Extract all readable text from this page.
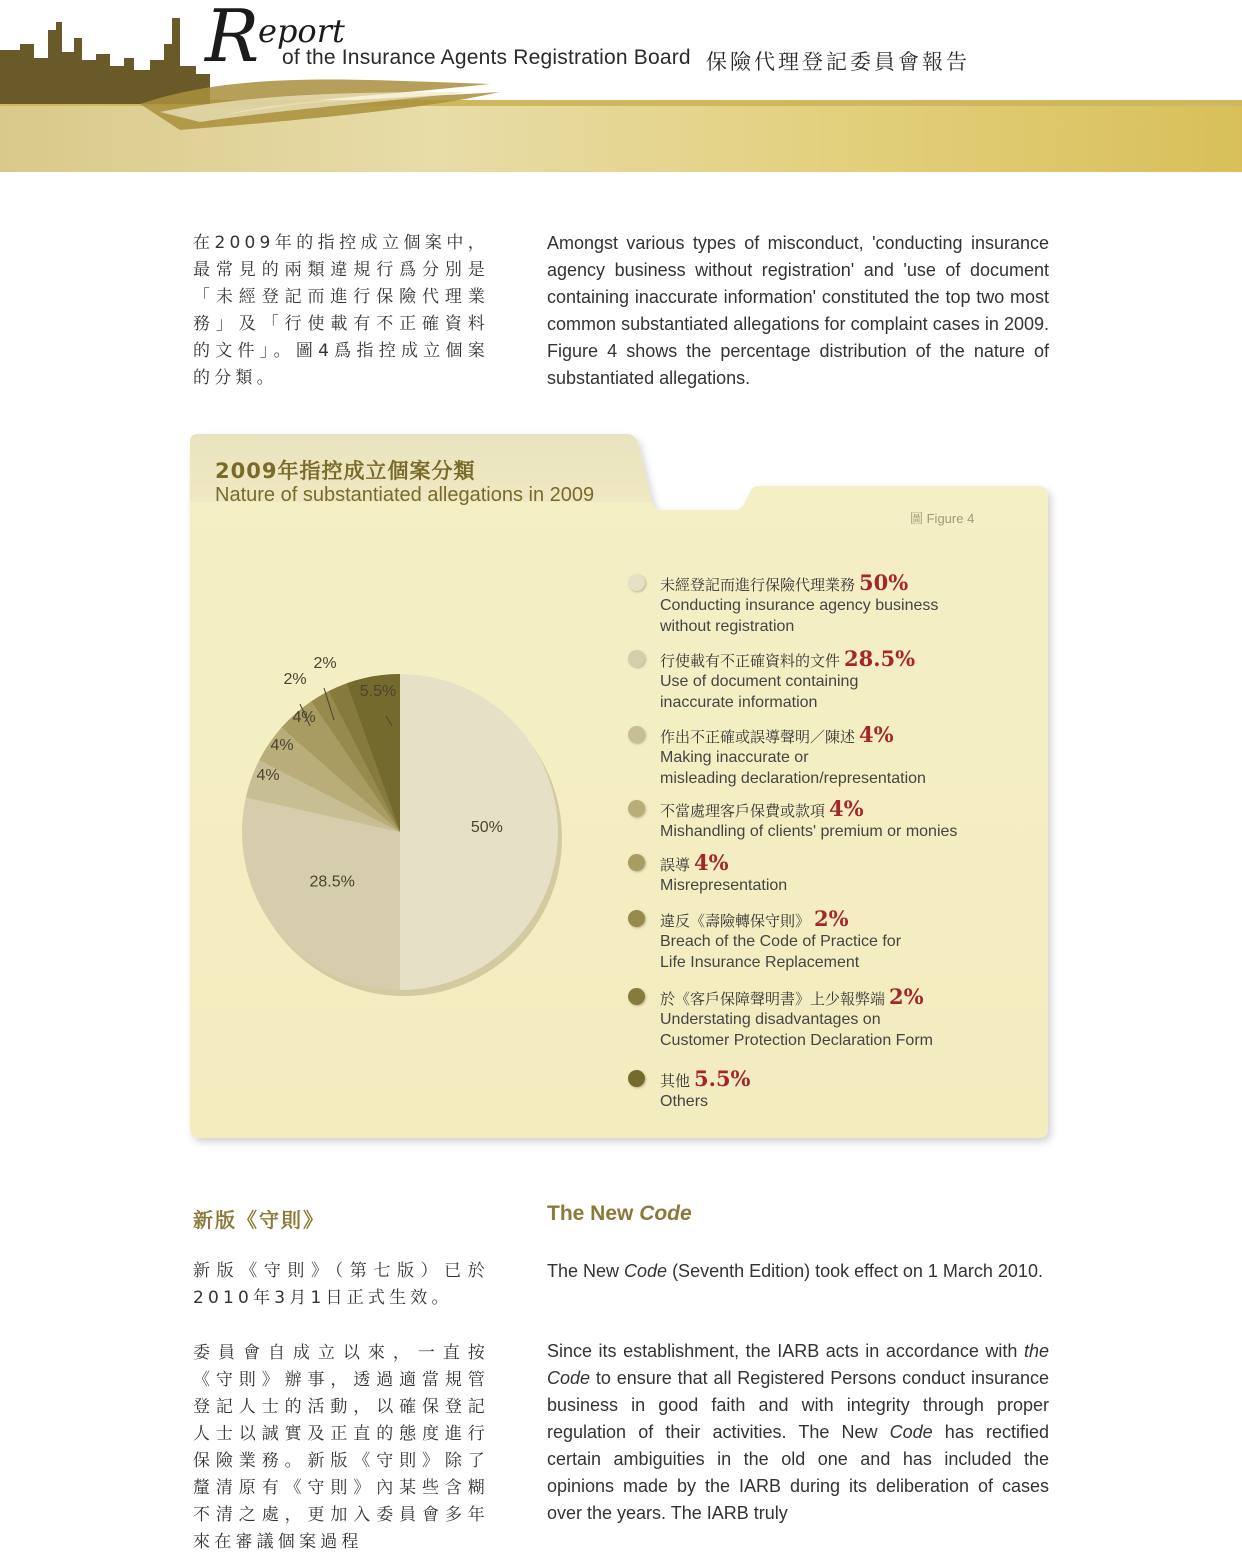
R
eport
of the Insurance Agents Registration Board 保險代理登記委員會報告

在2009年的指控成立個案中，最常見的兩類違規行爲分別是「未經登記而進行保險代理業務」及「行使載有不正確資料的文件」。圖4爲指控成立個案的分類。

Amongst various types of misconduct, 'conducting insurance agency business without registration' and 'use of document containing inaccurate information' constituted the top two most common substantiated allegations for complaint cases in 2009. Figure 4 shows the percentage distribution of the nature of substantiated allegations.

2009年指控成立個案分類
Nature of substantiated allegations in 2009
圖 Figure 4
50%
28.5%
4%
4%
4%
2%
2%
5.5%
未經登記而進行保險代理業務 50%
Conducting insurance agency business
without registration
行使載有不正確資料的文件 28.5%
Use of document containing
inaccurate information
作出不正確或誤導聲明／陳述 4%
Making inaccurate or
misleading declaration/representation
不當處理客戶保費或款項 4%
Mishandling of clients' premium or monies
誤導 4%
Misrepresentation
違反《壽險轉保守則》 2%
Breach of the Code of Practice for
Life Insurance Replacement
於《客戶保障聲明書》上少報弊端 2%
Understating disadvantages on
Customer Protection Declaration Form
其他 5.5%
Others
新版《守則》	The New Code

新版《守則》（第七版）已於2010年3月1日正式生效。

The New Code (Seventh Edition) took effect on 1 March 2010.

委員會自成立以來，一直按《守則》辦事，透過適當規管登記人士的活動，以確保登記人士以誠實及正直的態度進行保險業務。新版《守則》除了釐清原有《守則》內某些含糊不清之處，更加入委員會多年來在審議個案過程

Since its establishment, the IARB acts in accordance with the Code to ensure that all Registered Persons conduct insurance business in good faith and with integrity through proper regulation of their activities. The New Code has rectified certain ambiguities in the old one and has included the opinions made by the IARB during its deliberation of cases over the years. The IARB truly
